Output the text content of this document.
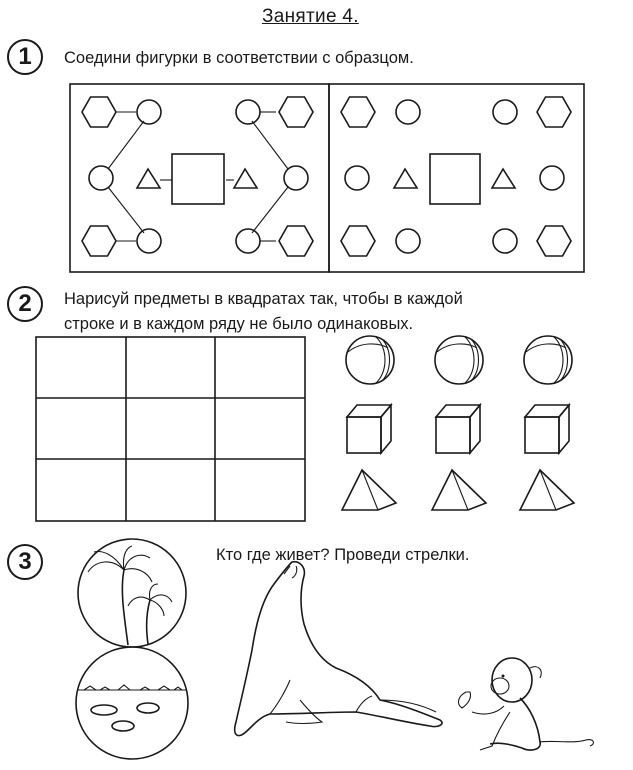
Занятие 4.
1	Соедини фигурки в соответствии с образцом.
2	Нарисуй предметы в квадратах так, чтобы в каждой
строке и в каждом ряду не было одинаковых.
3	Кто где живет? Проведи стрелки.
